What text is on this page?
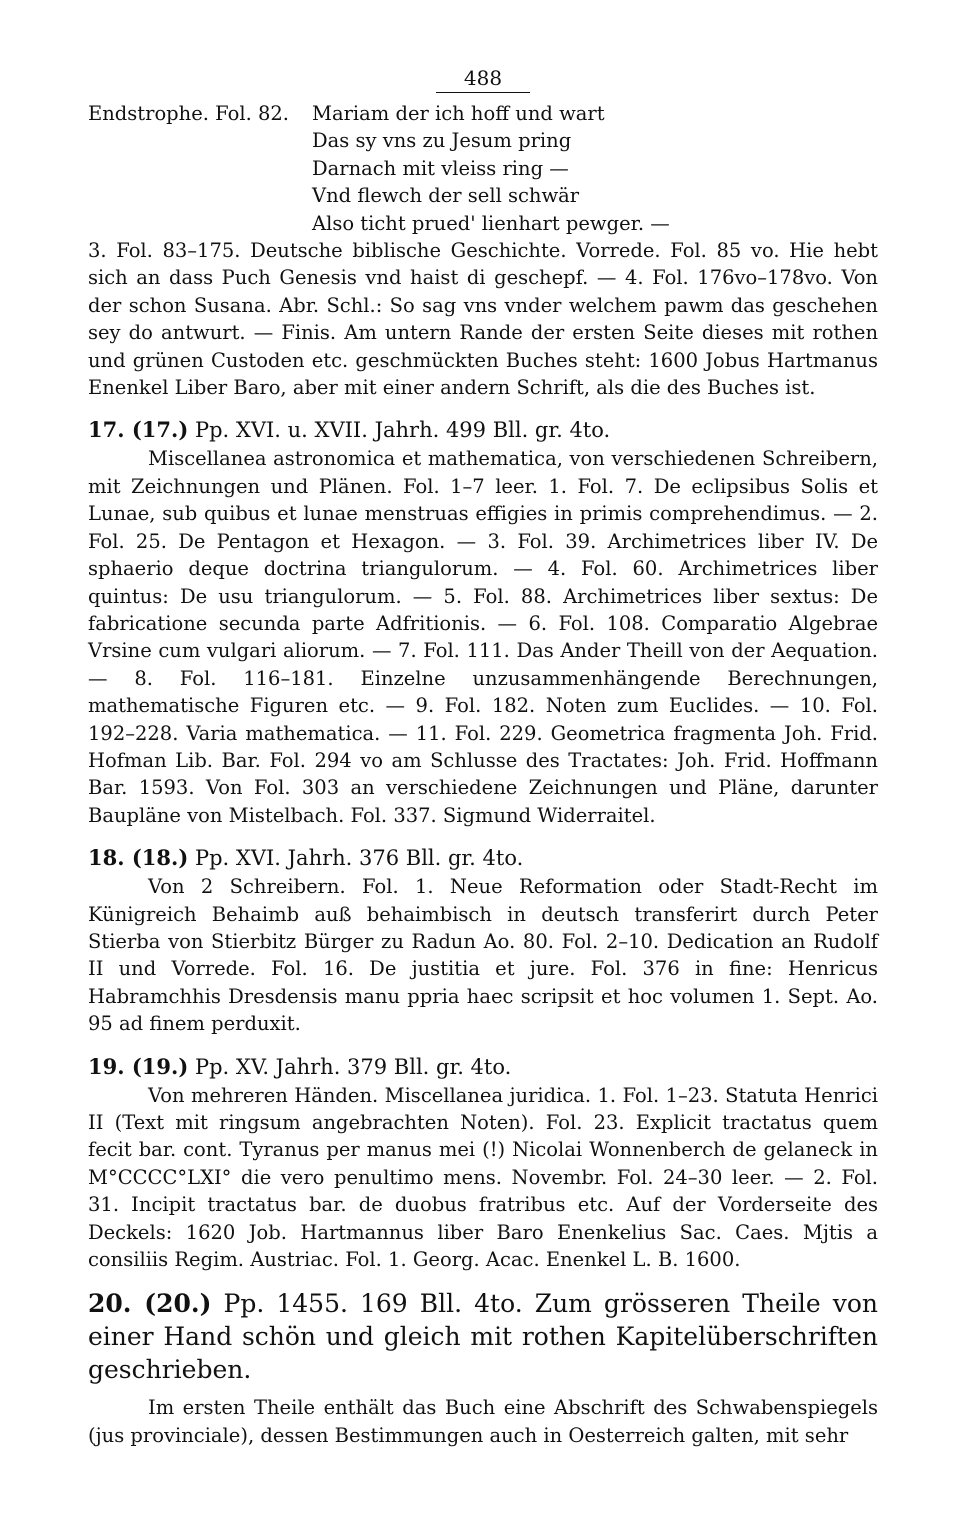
488
Endstrophe. Fol. 82.	Mariam der ich hoff und wart
Das sy vns zu Jesum pring
Darnach mit vleiss ring —
Vnd flewch der sell schwär
Also ticht prued' lienhart pewger. —

3. Fol. 83–175. Deutsche biblische Geschichte. Vorrede. Fol. 85 vo. Hie hebt sich an dass Puch Genesis vnd haist di geschepf. — 4. Fol. 176vo–178vo. Von der schon Susana. Abr. Schl.: So sag vns vnder welchem pawm das geschehen sey do antwurt. — Finis. Am untern Rande der ersten Seite dieses mit rothen und grünen Custoden etc. geschmückten Buches steht: 1600 Jobus Hartmanus Enenkel Liber Baro, aber mit einer andern Schrift, als die des Buches ist.

17. (17.) Pp. XVI. u. XVII. Jahrh. 499 Bll. gr. 4to.

Miscellanea astronomica et mathematica, von verschiedenen Schreibern, mit Zeichnungen und Plänen. Fol. 1–7 leer. 1. Fol. 7. De eclipsibus Solis et Lunae, sub quibus et lunae menstruas effigies in primis comprehendimus. — 2. Fol. 25. De Pentagon et Hexagon. — 3. Fol. 39. Archimetrices liber IV. De sphaerio deque doctrina triangulorum. — 4. Fol. 60. Archimetrices liber quintus: De usu triangulorum. — 5. Fol. 88. Archimetrices liber sextus: De fabricatione secunda parte Adfritionis. — 6. Fol. 108. Comparatio Algebrae Vrsine cum vulgari aliorum. — 7. Fol. 111. Das Ander Theill von der Aequation. — 8. Fol. 116–181. Einzelne unzusammenhängende Berechnungen, mathematische Figuren etc. — 9. Fol. 182. Noten zum Euclides. — 10. Fol. 192–228. Varia mathematica. — 11. Fol. 229. Geometrica fragmenta Joh. Frid. Hofman Lib. Bar. Fol. 294 vo am Schlusse des Tractates: Joh. Frid. Hoffmann Bar. 1593. Von Fol. 303 an verschiedene Zeichnungen und Pläne, darunter Baupläne von Mistelbach. Fol. 337. Sigmund Widerraitel.

18. (18.) Pp. XVI. Jahrh. 376 Bll. gr. 4to.

Von 2 Schreibern. Fol. 1. Neue Reformation oder Stadt-Recht im Künigreich Behaimb auß behaimbisch in deutsch transferirt durch Peter Stierba von Stierbitz Bürger zu Radun Ao. 80. Fol. 2–10. Dedication an Rudolf II und Vorrede. Fol. 16. De justitia et jure. Fol. 376 in fine: Henricus Habramchhis Dresdensis manu ppria haec scripsit et hoc volumen 1. Sept. Ao. 95 ad finem perduxit.

19. (19.) Pp. XV. Jahrh. 379 Bll. gr. 4to.

Von mehreren Händen. Miscellanea juridica. 1. Fol. 1–23. Statuta Henrici II (Text mit ringsum angebrachten Noten). Fol. 23. Explicit tractatus quem fecit bar. cont. Tyranus per manus mei (!) Nicolai Wonnenberch de gelaneck in M°CCCC°LXI° die vero penultimo mens. Novembr. Fol. 24–30 leer. — 2. Fol. 31. Incipit tractatus bar. de duobus fratribus etc. Auf der Vorderseite des Deckels: 1620 Job. Hartmannus liber Baro Enenkelius Sac. Caes. Mjtis a consiliis Regim. Austriac. Fol. 1. Georg. Acac. Enenkel L. B. 1600.

20. (20.) Pp. 1455. 169 Bll. 4to. Zum grösseren Theile von einer Hand schön und gleich mit rothen Kapitelüberschriften geschrieben.

Im ersten Theile enthält das Buch eine Abschrift des Schwabenspiegels (jus provinciale), dessen Bestimmungen auch in Oesterreich galten, mit sehr
